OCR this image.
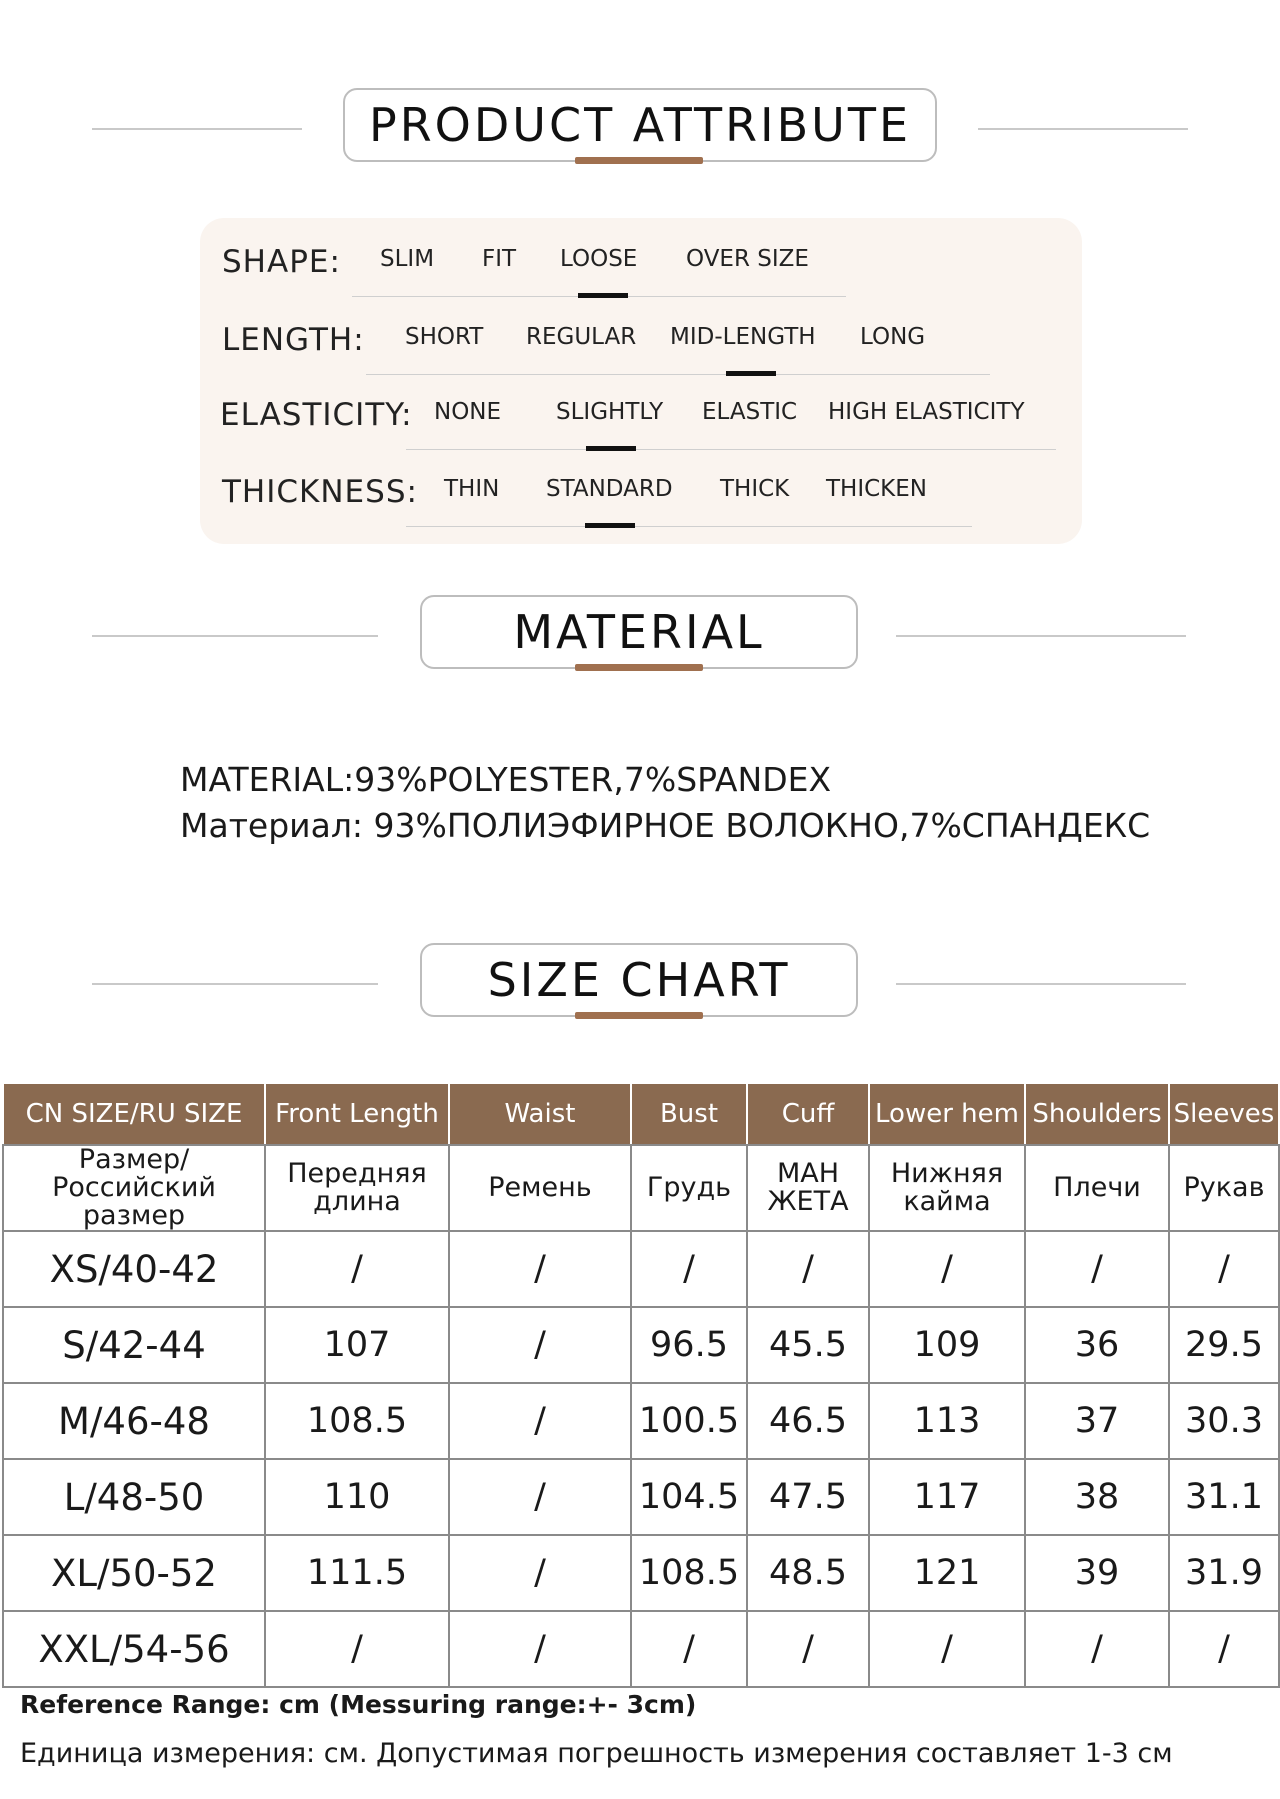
PRODUCT ATTRIBUTE
SHAPE: SLIM FIT LOOSE OVER SIZE
LENGTH: SHORT REGULAR MID-LENGTH LONG
ELASTICITY: NONE SLIGHTLY ELASTIC HIGH ELASTICITY
THICKNESS: THIN STANDARD THICK THICKEN
MATERIAL
MATERIAL:93%POLYESTER,7%SPANDEX
Материал: 93%ПОЛИЭФИРНОЕ ВОЛОКНО,7%СПАНДЕКС
SIZE CHART
CN SIZE/RU SIZE	Front Length	Waist	Bust	Cuff	Lower hem	Shoulders	Sleeves
Размер/Российский размер	Передняя длина	Ремень	Грудь	МАН ЖЕТА	Нижняя кайма	Плечи	Рукав
XS/40-42	/	/	/	/	/	/	/
S/42-44	107	/	96.5	45.5	109	36	29.5
M/46-48	108.5	/	100.5	46.5	113	37	30.3
L/48-50	110	/	104.5	47.5	117	38	31.1
XL/50-52	111.5	/	108.5	48.5	121	39	31.9
XXL/54-56	/	/	/	/	/	/	/
Reference Range: cm (Messuring range:+- 3cm)
Единица измерения: см. Допустимая погрешность измерения составляет 1-3 см
